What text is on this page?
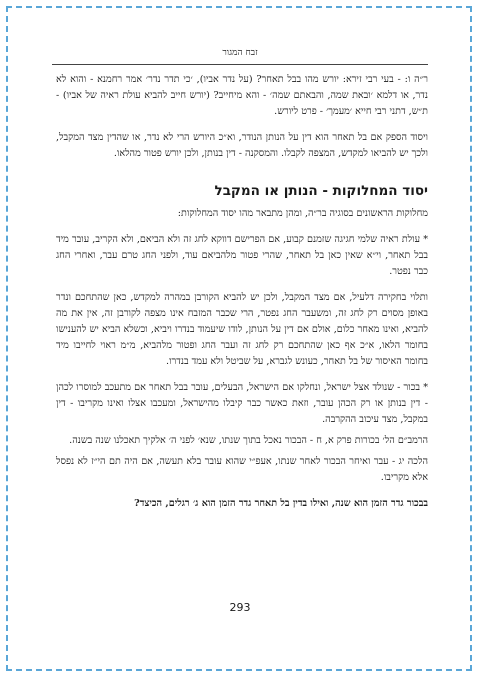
זבח המגור

ר״ה ו: - בעי רבי זירא: יורש מהו בבל תאחר? (על נדר אביו), ׳כי תדר נדר׳ אמר רחמנא - והוא לא נדר, או דלמא ׳ובאת שמה, והבאתם שמה׳ - והא מיחייב? (יורש חייב להביא עולת ראיה של אביו) - ת״ש, דתני רבי חייא ׳מעמך׳ - פרט ליורש.

ויסוד הספק אם בל תאחר הוא דין על הנותן הנודר, וא״כ היורש הרי לא נדר, או שהדין מצד המקבל, ולכך יש להביאו למקדש, המצפה לקבלו. והמסקנה - דין בנותן, ולכן יורש פטור מהלאו.

יסוד המחלוקות - הנותן או המקבל

מחלוקות הראשונים בסוגיה בר״ה, ומהן מתבאר מהו יסוד המחלוקות:

* עולת ראיה שלמי חגיגה שזמנם קבוע, אם הפרישם דווקא לחג זה ולא הביאם, ולא הקריב, עובר מיד בבל תאחר, וי״א שאין כאן בל תאחר, שהרי פטור מלהביאם עוד, ולפני החג טרם עבר, ואחרי החג כבר נפטר.

ותלוי בחקירה דלעיל, אם מצד המקבל, ולכן יש להביא הקורבן במהרה למקדש, כאן שהתחכם ונדר באופן מסוים רק לחג זה, ומשעבר החג נפטר, הרי שכבר המזבח אינו מצפה לקורבן זה, אין את מה להביא, ואינו מאחר כלום, אולם אם דין על הנותן, לודו שיעמוד בנדרו ויביא, וכשלא הביא יש להענישו בחומר הלאו, א״כ אף כאן שהתחכם רק לחג זה ועבר החג ופטור מלהביא, מ״מ ראוי לחייבו מיד בחומר האיסור של בל תאחר, כעונש לגברא, על שביטל ולא עמד בנדרו.

* בכור - שנולד אצל ישראל, ונחלקו אם הישראל, הבעלים, עובר בבל תאחר אם מתעכב למוסרו לכהן - דין בנותן או רק הכהן עובר, וזאת כאשר כבר קיבלו מהישראל, ומעכבו אצלו ואינו מקריבו - דין במקבל, מצד עיכוב ההקרבה.

הרמב״ם הל׳ בכורות פרק א, ח - הבכור נאכל בתוך שנתו, שנא׳ לפני ה׳ אלקיך תאכלנו שנה בשנה.

הלכה יג - עבר ואיחר הבכור לאחר שנתו, אעפ״י שהוא עובר בלא תעשה, אם היה תם הי״ז לא נפסל אלא מקריבו.

בבכור גדר הזמן הוא שנה, ואילו בדין בל תאחר גדר הזמן הוא ג׳ רגלים, הכיצד?

293
